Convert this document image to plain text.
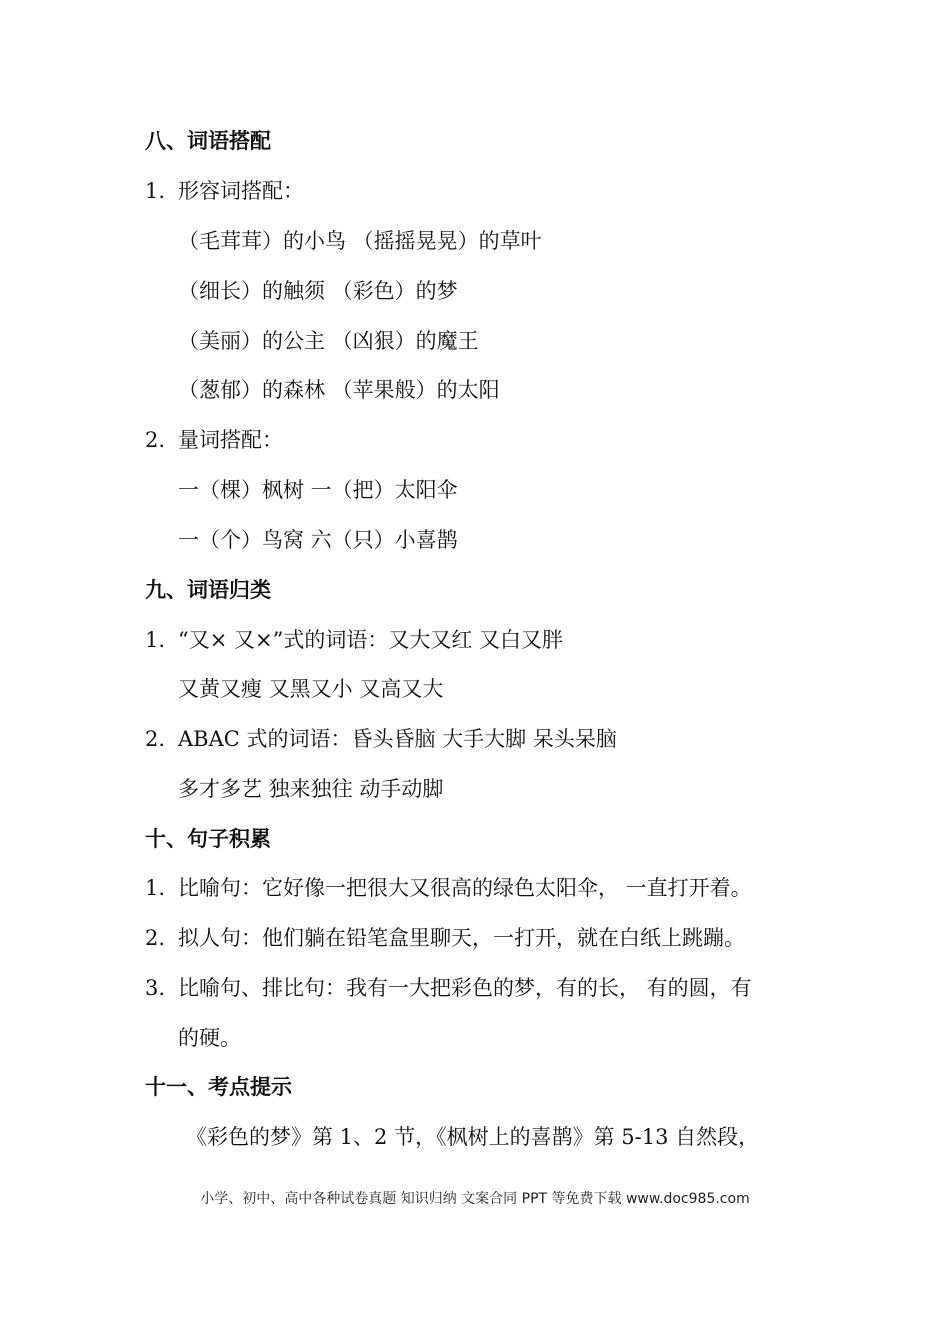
八、词语搭配
1. 形容词搭配：
（毛茸茸）的小鸟 （摇摇晃晃）的草叶
（细长）的触须 （彩色）的梦
（美丽）的公主 （凶狠）的魔王
（葱郁）的森林 （苹果般）的太阳
2. 量词搭配：
一（棵）枫树 一（把）太阳伞
一（个）鸟窝 六（只）小喜鹊
九、词语归类
1. “又× 又×”式的词语：又大又红 又白又胖
又黄又瘦 又黑又小 又高又大
2. ABAC 式的词语：昏头昏脑 大手大脚 呆头呆脑
多才多艺 独来独往 动手动脚
十、句子积累
1. 比喻句：它好像一把很大又很高的绿色太阳伞， 一直打开着。
2. 拟人句：他们躺在铅笔盒里聊天，一打开，就在白纸上跳蹦。
3. 比喻句、排比句：我有一大把彩色的梦，有的长， 有的圆，有
的硬。
十一、考点提示
《彩色的梦》第 1、2 节，《枫树上的喜鹊》第 5-13 自然段，
小学、初中、高中各种试卷真题 知识归纳 文案合同 PPT 等免费下载 www.doc985.com
